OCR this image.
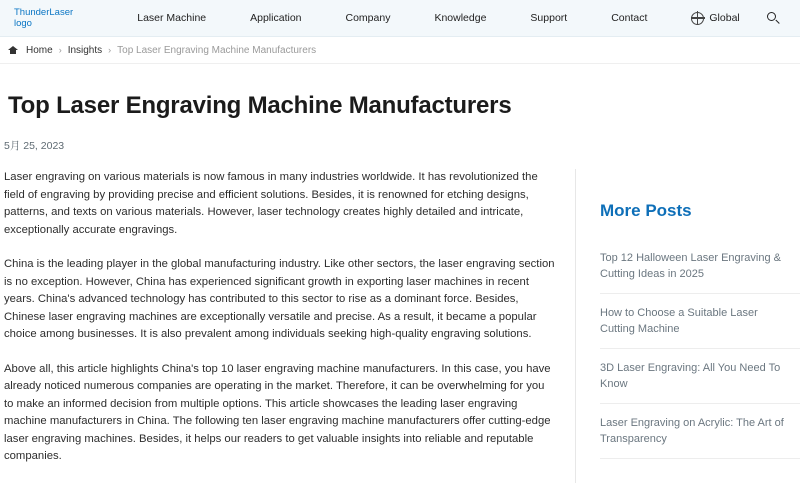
ThunderLaser
logo	Laser Machine	Application	Company	Knowledge	Support	Contact	Global
Home › Insights › Top Laser Engraving Machine Manufacturers
Top Laser Engraving Machine Manufacturers

5月 25, 2023

Laser engraving on various materials is now famous in many industries worldwide. It has revolutionized the field of engraving by providing precise and efficient solutions. Besides, it is renowned for etching designs, patterns, and texts on various materials. However, laser technology creates highly detailed and intricate, exceptionally accurate engravings.

China is the leading player in the global manufacturing industry. Like other sectors, the laser engraving section is no exception. However, China has experienced significant growth in exporting laser machines in recent years. China's advanced technology has contributed to this sector to rise as a dominant force. Besides, Chinese laser engraving machines are exceptionally versatile and precise. As a result, it became a popular choice among businesses. It is also prevalent among individuals seeking high-quality engraving solutions.

Above all, this article highlights China's top 10 laser engraving machine manufacturers. In this case, you have already noticed numerous companies are operating in the market. Therefore, it can be overwhelming for you to make an informed decision from multiple options. This article showcases the leading laser engraving machine manufacturers in China. The following ten laser engraving machine manufacturers offer cutting-edge laser engraving machines. Besides, it helps our readers to get valuable insights into reliable and reputable companies.

More Posts
Top 12 Halloween Laser Engraving & Cutting Ideas in 2025
How to Choose a Suitable Laser Cutting Machine
3D Laser Engraving: All You Need To Know
Laser Engraving on Acrylic: The Art of Transparency
